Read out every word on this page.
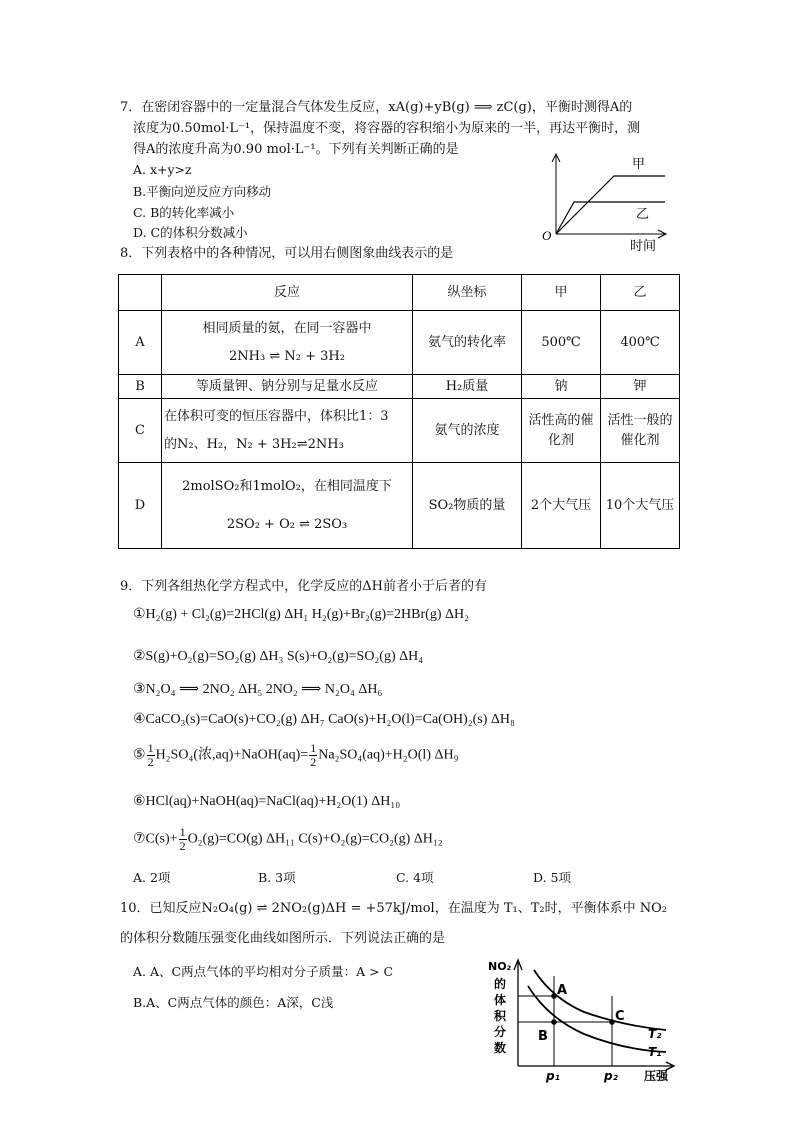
7．在密闭容器中的一定量混合气体发生反应，xA(g)+yB(g) ⟹ zC(g)，平衡时测得A的
浓度为0.50mol·L⁻¹，保持温度不变，将容器的容积缩小为原来的一半，再达平衡时，测
得A的浓度升高为0.90 mol·L⁻¹。下列有关判断正确的是
A. x+y>z
B.平衡向逆反应方向移动
C. B的转化率减小
D. C的体积分数减小	O
甲
乙
时间
8．下列表格中的各种情况，可以用右侧图象曲线表示的是
	反应	纵坐标	甲	乙
A	相同质量的氨，在同一容器中
2NH₃ ⇌ N₂ + 3H₂	氨气的转化率	500℃	400℃
B	等质量钾、钠分别与足量水反应	H₂质量	钠	钾
C	在体积可变的恒压容器中，体积比1：3
的N₂、H₂，N₂ + 3H₂⇌2NH₃	氨气的浓度	活性高的催化剂	活性一般的催化剂
D	2molSO₂和1molO₂，在相同温度下
2SO₂ + O₂ ⇌ 2SO₃	SO₂物质的量	2个大气压	10个大气压
9．下列各组热化学方程式中，化学反应的ΔH前者小于后者的有
①H₂(g) + Cl₂(g)=2HCl(g) ΔH₁ H₂(g)+Br₂(g)=2HBr(g) ΔH₂
②S(g)+O₂(g)=SO₂(g) ΔH₃ S(s)+O₂(g)=SO₂(g) ΔH₄
③N₂O₄ ⟹ 2NO₂ ΔH₅ 2NO₂ ⟹ N₂O₄ ΔH₆
④CaCO₃(s)=CaO(s)+CO₂(g) ΔH₇ CaO(s)+H₂O(l)=Ca(OH)₂(s) ΔH₈
⑤ $\frac{1}{2} H_2SO_4$(浓,aq)+NaOH(aq)= $\frac{1}{2} Na_2SO_4(aq)+H_2O(l)$ ΔH₉
⑥HCl(aq)+NaOH(aq)=NaCl(aq)+H₂O(1) ΔH₁₀
⑦C(s)+ $\frac{1}{2} O_2(g)=CO(g)$ ΔH₁₁ C(s)+O₂(g)=CO₂(g) ΔH₁₂
A. 2项	B. 3项	C. 4项	D. 5项
10．已知反应N₂O₄(g) ⇌ 2NO₂(g)ΔH = +57kJ/mol，在温度为 T₁、T₂时，平衡体系中 NO₂
的体积分数随压强变化曲线如图所示．下列说法正确的是
A. A、C两点气体的平均相对分子质量：A > C
B.A、C两点气体的颜色：A深，C浅
NO₂
的
体
积
分
数
A
B
C
T₂
T₁
p₁	p₂ 压强
